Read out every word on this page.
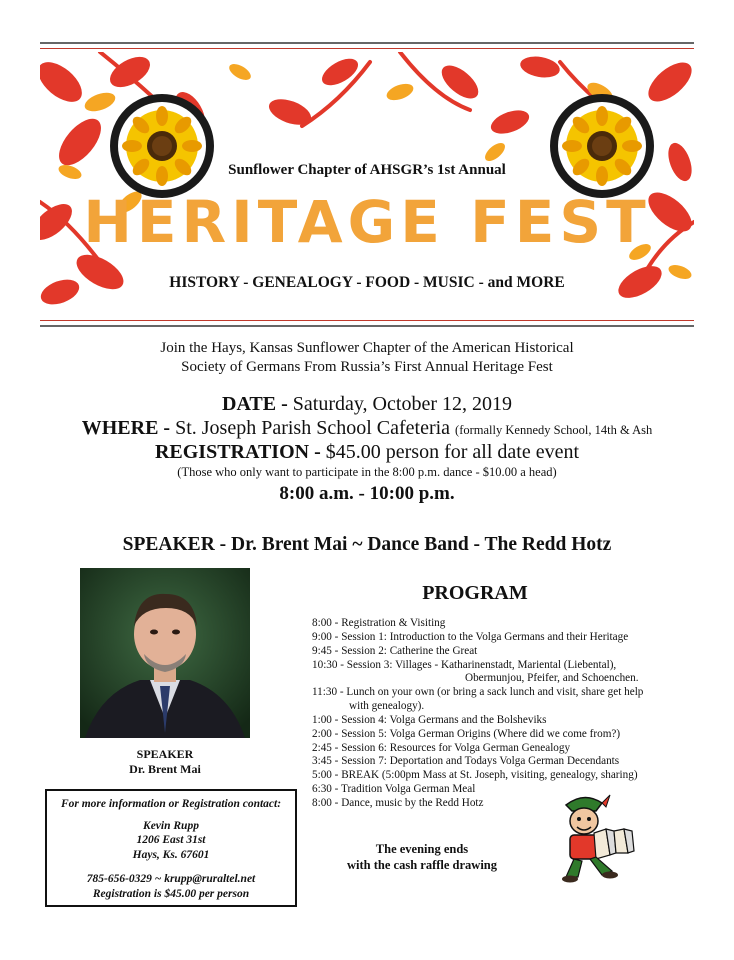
Sunflower Chapter of AHSGR’s 1st Annual
HERITAGE FEST
HISTORY - GENEALOGY - FOOD - MUSIC - and MORE
Join the Hays, Kansas Sunflower Chapter of the American Historical
Society of Germans From Russia’s First Annual Heritage Fest
DATE - Saturday, October 12, 2019
WHERE - St. Joseph Parish School Cafeteria (formally Kennedy School, 14th & Ash
REGISTRATION - $45.00 person for all date event
(Those who only want to participate in the 8:00 p.m. dance - $10.00 a head)
8:00 a.m. - 10:00 p.m.
SPEAKER - Dr. Brent Mai ~ Dance Band - The Redd Hotz
SPEAKER
Dr. Brent Mai
For more information or Registration contact:
Kevin Rupp
1206 East 31st
Hays, Ks. 67601
785-656-0329 ~ krupp@ruraltel.net
Registration is $45.00 per person
PROGRAM
8:00 - Registration & Visiting
9:00 - Session 1: Introduction to the Volga Germans and their Heritage
9:45 - Session 2: Catherine the Great
10:30 - Session 3: Villages - Katharinenstadt, Mariental (Liebental),
Obermunjou, Pfeifer, and Schoenchen.
11:30 - Lunch on your own (or bring a sack lunch and visit, share get help
with genealogy).
1:00 - Session 4: Volga Germans and the Bolsheviks
2:00 - Session 5: Volga German Origins (Where did we come from?)
2:45 - Session 6: Resources for Volga German Genealogy
3:45 - Session 7: Deportation and Todays Volga German Decendants
5:00 - BREAK (5:00pm Mass at St. Joseph, visiting, genealogy, sharing)
6:30 - Tradition Volga German Meal
8:00 - Dance, music by the Redd Hotz
The evening ends
with the cash raffle drawing
